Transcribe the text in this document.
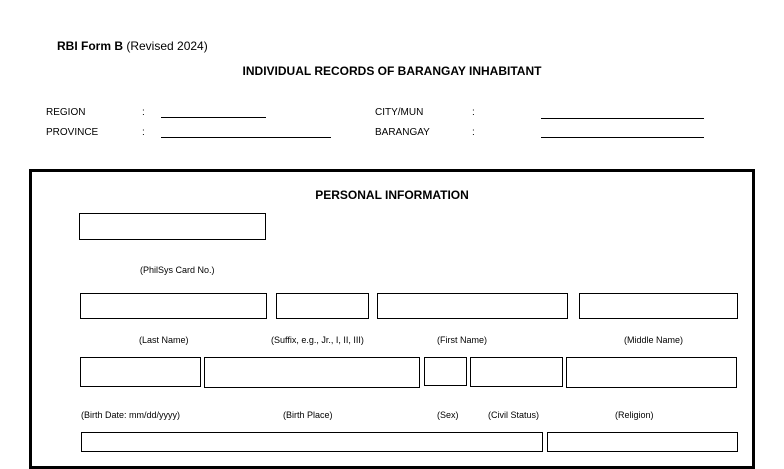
RBI Form B (Revised 2024)
INDIVIDUAL RECORDS OF BARANGAY INHABITANT
REGION	:
PROVINCE	:
CITY/MUN	:
BARANGAY	:
PERSONAL INFORMATION
(PhilSys Card No.)
(Last Name)	(Suffix, e.g., Jr., I, II, III)	(First Name)	(Middle Name)
(Birth Date: mm/dd/yyyy)	(Birth Place)	(Sex)	(Civil Status)	(Religion)
